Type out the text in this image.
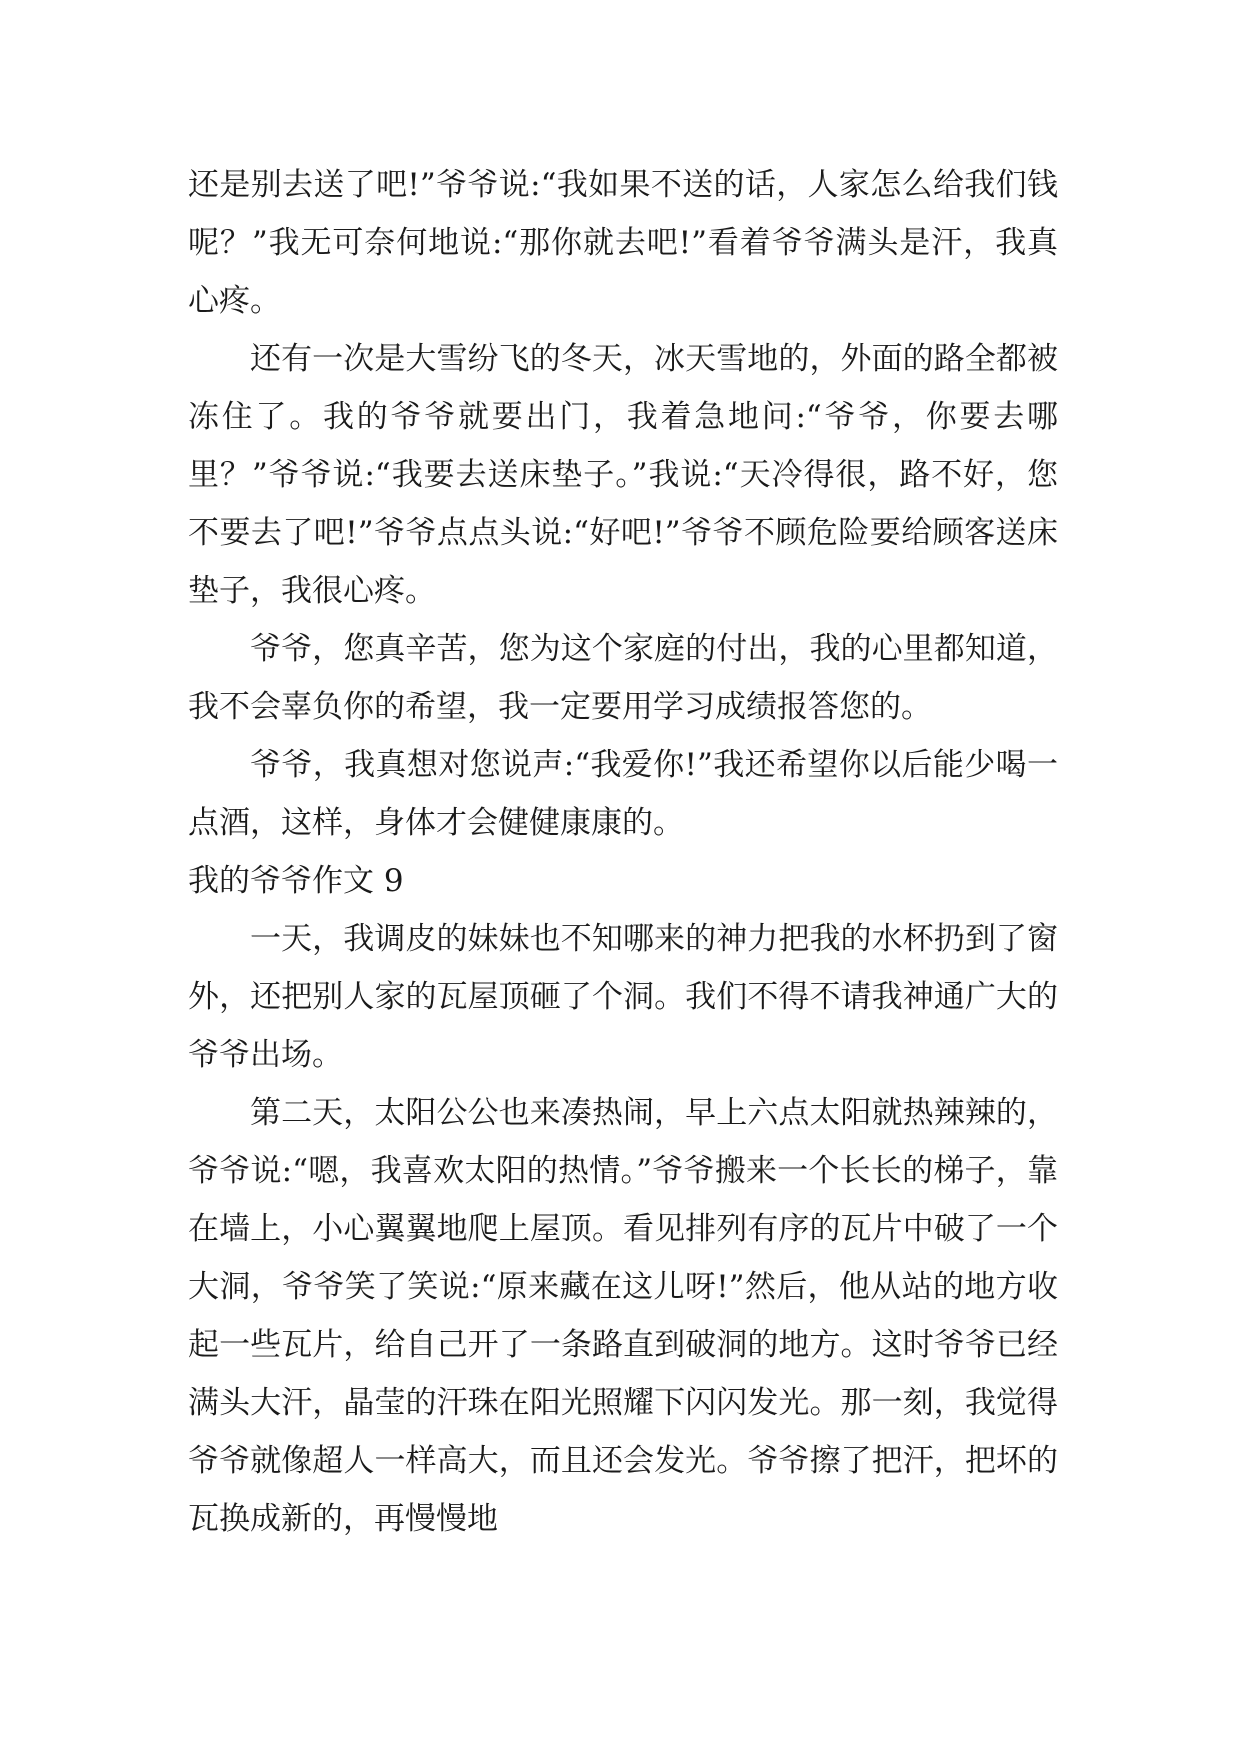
还是别去送了吧!”爷爷说:“我如果不送的话，人家怎么给我们钱呢？”我无可奈何地说:“那你就去吧!”看着爷爷满头是汗，我真心疼。

还有一次是大雪纷飞的冬天，冰天雪地的，外面的路全都被冻住了。我的爷爷就要出门，我着急地问:“爷爷，你要去哪里？”爷爷说:“我要去送床垫子。”我说:“天冷得很，路不好，您不要去了吧!”爷爷点点头说:“好吧!”爷爷不顾危险要给顾客送床垫子，我很心疼。

爷爷，您真辛苦，您为这个家庭的付出，我的心里都知道，我不会辜负你的希望，我一定要用学习成绩报答您的。

爷爷，我真想对您说声:“我爱你!”我还希望你以后能少喝一点酒，这样，身体才会健健康康的。

我的爷爷作文 9

一天，我调皮的妹妹也不知哪来的神力把我的水杯扔到了窗外，还把别人家的瓦屋顶砸了个洞。我们不得不请我神通广大的爷爷出场。

第二天，太阳公公也来凑热闹，早上六点太阳就热辣辣的，爷爷说:“嗯，我喜欢太阳的热情。”爷爷搬来一个长长的梯子，靠在墙上，小心翼翼地爬上屋顶。看见排列有序的瓦片中破了一个大洞，爷爷笑了笑说:“原来藏在这儿呀!”然后，他从站的地方收起一些瓦片，给自己开了一条路直到破洞的地方。这时爷爷已经满头大汗，晶莹的汗珠在阳光照耀下闪闪发光。那一刻，我觉得爷爷就像超人一样高大，而且还会发光。爷爷擦了把汗，把坏的瓦换成新的，再慢慢地
